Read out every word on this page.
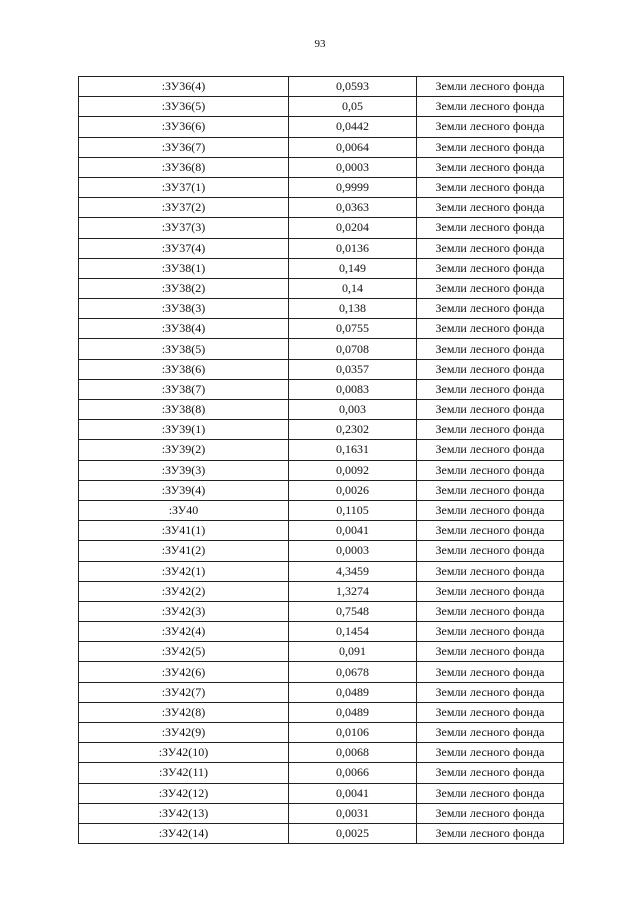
93
:ЗУ36(4)	0,0593	Земли лесного фонда
:ЗУ36(5)	0,05	Земли лесного фонда
:ЗУ36(6)	0,0442	Земли лесного фонда
:ЗУ36(7)	0,0064	Земли лесного фонда
:ЗУ36(8)	0,0003	Земли лесного фонда
:ЗУ37(1)	0,9999	Земли лесного фонда
:ЗУ37(2)	0,0363	Земли лесного фонда
:ЗУ37(3)	0,0204	Земли лесного фонда
:ЗУ37(4)	0,0136	Земли лесного фонда
:ЗУ38(1)	0,149	Земли лесного фонда
:ЗУ38(2)	0,14	Земли лесного фонда
:ЗУ38(3)	0,138	Земли лесного фонда
:ЗУ38(4)	0,0755	Земли лесного фонда
:ЗУ38(5)	0,0708	Земли лесного фонда
:ЗУ38(6)	0,0357	Земли лесного фонда
:ЗУ38(7)	0,0083	Земли лесного фонда
:ЗУ38(8)	0,003	Земли лесного фонда
:ЗУ39(1)	0,2302	Земли лесного фонда
:ЗУ39(2)	0,1631	Земли лесного фонда
:ЗУ39(3)	0,0092	Земли лесного фонда
:ЗУ39(4)	0,0026	Земли лесного фонда
:ЗУ40	0,1105	Земли лесного фонда
:ЗУ41(1)	0,0041	Земли лесного фонда
:ЗУ41(2)	0,0003	Земли лесного фонда
:ЗУ42(1)	4,3459	Земли лесного фонда
:ЗУ42(2)	1,3274	Земли лесного фонда
:ЗУ42(3)	0,7548	Земли лесного фонда
:ЗУ42(4)	0,1454	Земли лесного фонда
:ЗУ42(5)	0,091	Земли лесного фонда
:ЗУ42(6)	0,0678	Земли лесного фонда
:ЗУ42(7)	0,0489	Земли лесного фонда
:ЗУ42(8)	0,0489	Земли лесного фонда
:ЗУ42(9)	0,0106	Земли лесного фонда
:ЗУ42(10)	0,0068	Земли лесного фонда
:ЗУ42(11)	0,0066	Земли лесного фонда
:ЗУ42(12)	0,0041	Земли лесного фонда
:ЗУ42(13)	0,0031	Земли лесного фонда
:ЗУ42(14)	0,0025	Земли лесного фонда
